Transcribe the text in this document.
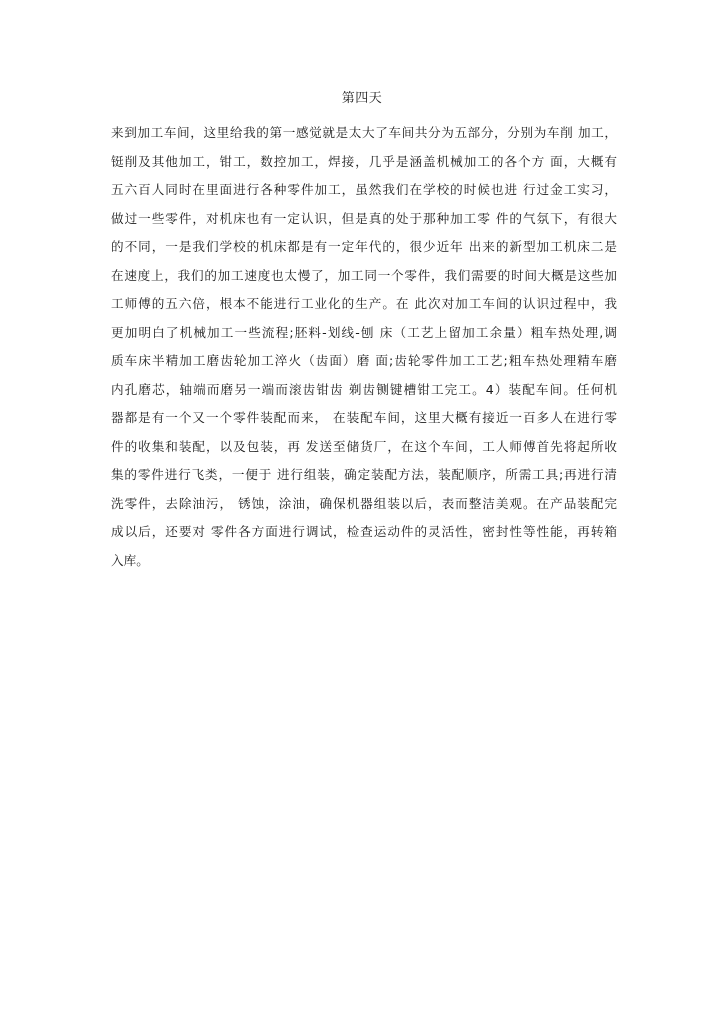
第四天
来到加工车间，这里给我的第一感觉就是太大了车间共分为五部分，分别为车削 加工，
铤削及其他加工，钳工，数控加工，焊接，几乎是涵盖机械加工的各个方 面，大概有
五六百人同时在里面进行各种零件加工，虽然我们在学校的时候也进 行过金工实习，
做过一些零件，对机床也有一定认识，但是真的处于那种加工零 件的气氛下，有很大
的不同，一是我们学校的机床都是有一定年代的，很少近年 出来的新型加工机床二是
在速度上，我们的加工速度也太慢了，加工同一个零件，我们需要的时间大概是这些加
工师傅的五六倍，根本不能进行工业化的生产。在 此次对加工车间的认识过程中，我
更加明白了机械加工一些流程;胚料-划线-刨 床（工艺上留加工余量）粗车热处理,调
质车床半精加工磨齿轮加工淬火（齿面）磨 面;齿轮零件加工工艺;粗车热处理精车磨
内孔磨芯，轴端而磨另一端而滚齿钳齿 剃齿铡键槽钳工完工。4）装配车间。任何机
器都是有一个又一个零件装配而来， 在装配车间，这里大概有接近一百多人在进行零
件的收集和装配，以及包装，再 发送至储货厂，在这个车间，工人师傅首先将起所收
集的零件进行飞类，一便于 进行组装，确定装配方法，装配顺序，所需工具;再进行清
洗零件，去除油污， 锈蚀，涂油，确保机器组装以后，表而整洁美观。在产品装配完
成以后，还要对 零件各方面进行调试，检查运动件的灵活性，密封性等性能，再转箱
入库。
